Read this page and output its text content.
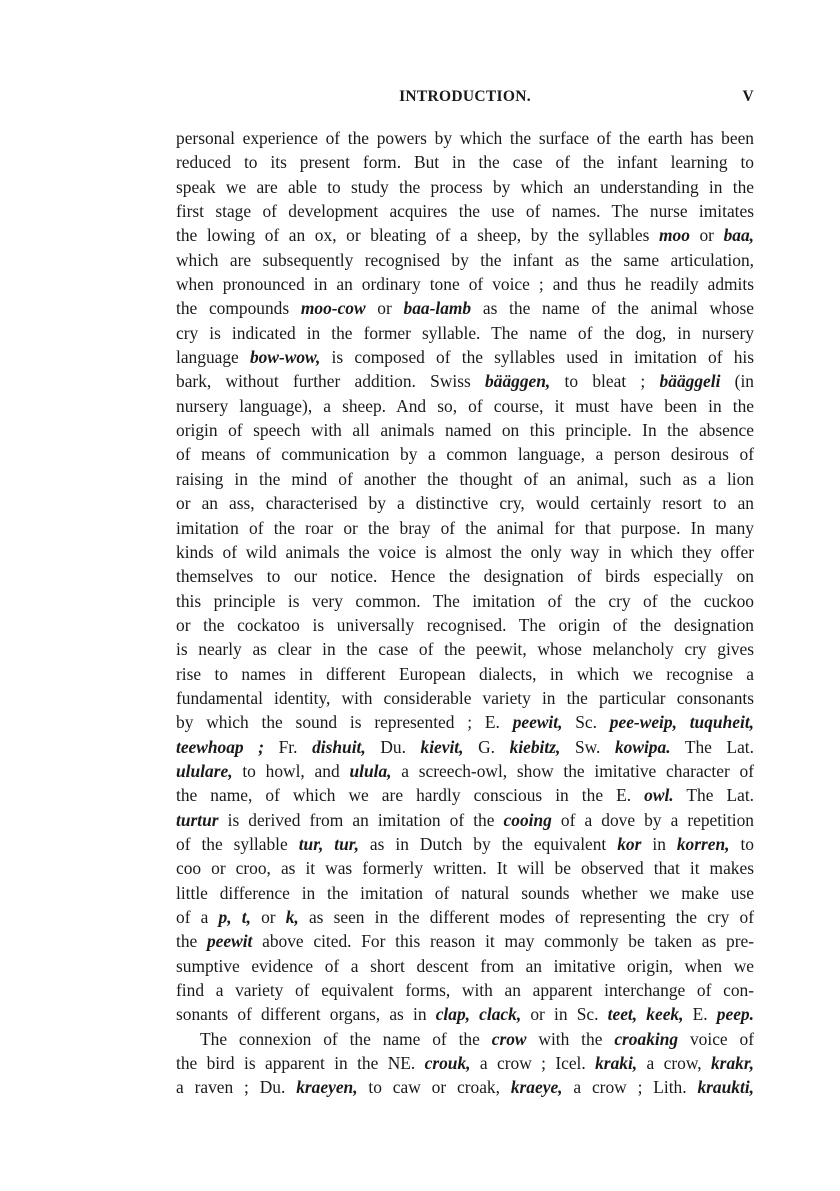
INTRODUCTION.	V
personal experience of the powers by which the surface of the earth has been
reduced to its present form. But in the case of the infant learning to
speak we are able to study the process by which an understanding in the
first stage of development acquires the use of names. The nurse imitates
the lowing of an ox, or bleating of a sheep, by the syllables moo or baa,
which are subsequently recognised by the infant as the same articulation,
when pronounced in an ordinary tone of voice ; and thus he readily admits
the compounds moo-cow or baa-lamb as the name of the animal whose
cry is indicated in the former syllable. The name of the dog, in nursery
language bow-wow, is composed of the syllables used in imitation of his
bark, without further addition. Swiss bääggen, to bleat ; bääggeli (in
nursery language), a sheep. And so, of course, it must have been in the
origin of speech with all animals named on this principle. In the absence
of means of communication by a common language, a person desirous of
raising in the mind of another the thought of an animal, such as a lion
or an ass, characterised by a distinctive cry, would certainly resort to an
imitation of the roar or the bray of the animal for that purpose. In many
kinds of wild animals the voice is almost the only way in which they offer
themselves to our notice. Hence the designation of birds especially on
this principle is very common. The imitation of the cry of the cuckoo
or the cockatoo is universally recognised. The origin of the designation
is nearly as clear in the case of the peewit, whose melancholy cry gives
rise to names in different European dialects, in which we recognise a
fundamental identity, with considerable variety in the particular consonants
by which the sound is represented ; E. peewit, Sc. pee-weip, tuquheit,
teewhoap ; Fr. dishuit, Du. kievit, G. kiebitz, Sw. kowipa. The Lat.
ululare, to howl, and ulula, a screech-owl, show the imitative character of
the name, of which we are hardly conscious in the E. owl. The Lat.
turtur is derived from an imitation of the cooing of a dove by a repetition
of the syllable tur, tur, as in Dutch by the equivalent kor in korren, to
coo or croo, as it was formerly written. It will be observed that it makes
little difference in the imitation of natural sounds whether we make use
of a p, t, or k, as seen in the different modes of representing the cry of
the peewit above cited. For this reason it may commonly be taken as pre-
sumptive evidence of a short descent from an imitative origin, when we
find a variety of equivalent forms, with an apparent interchange of con-
sonants of different organs, as in clap, clack, or in Sc. teet, keek, E. peep.
The connexion of the name of the crow with the croaking voice of
the bird is apparent in the NE. crouk, a crow ; Icel. kraki, a crow, krakr,
a raven ; Du. kraeyen, to caw or croak, kraeye, a crow ; Lith. kraukti,
